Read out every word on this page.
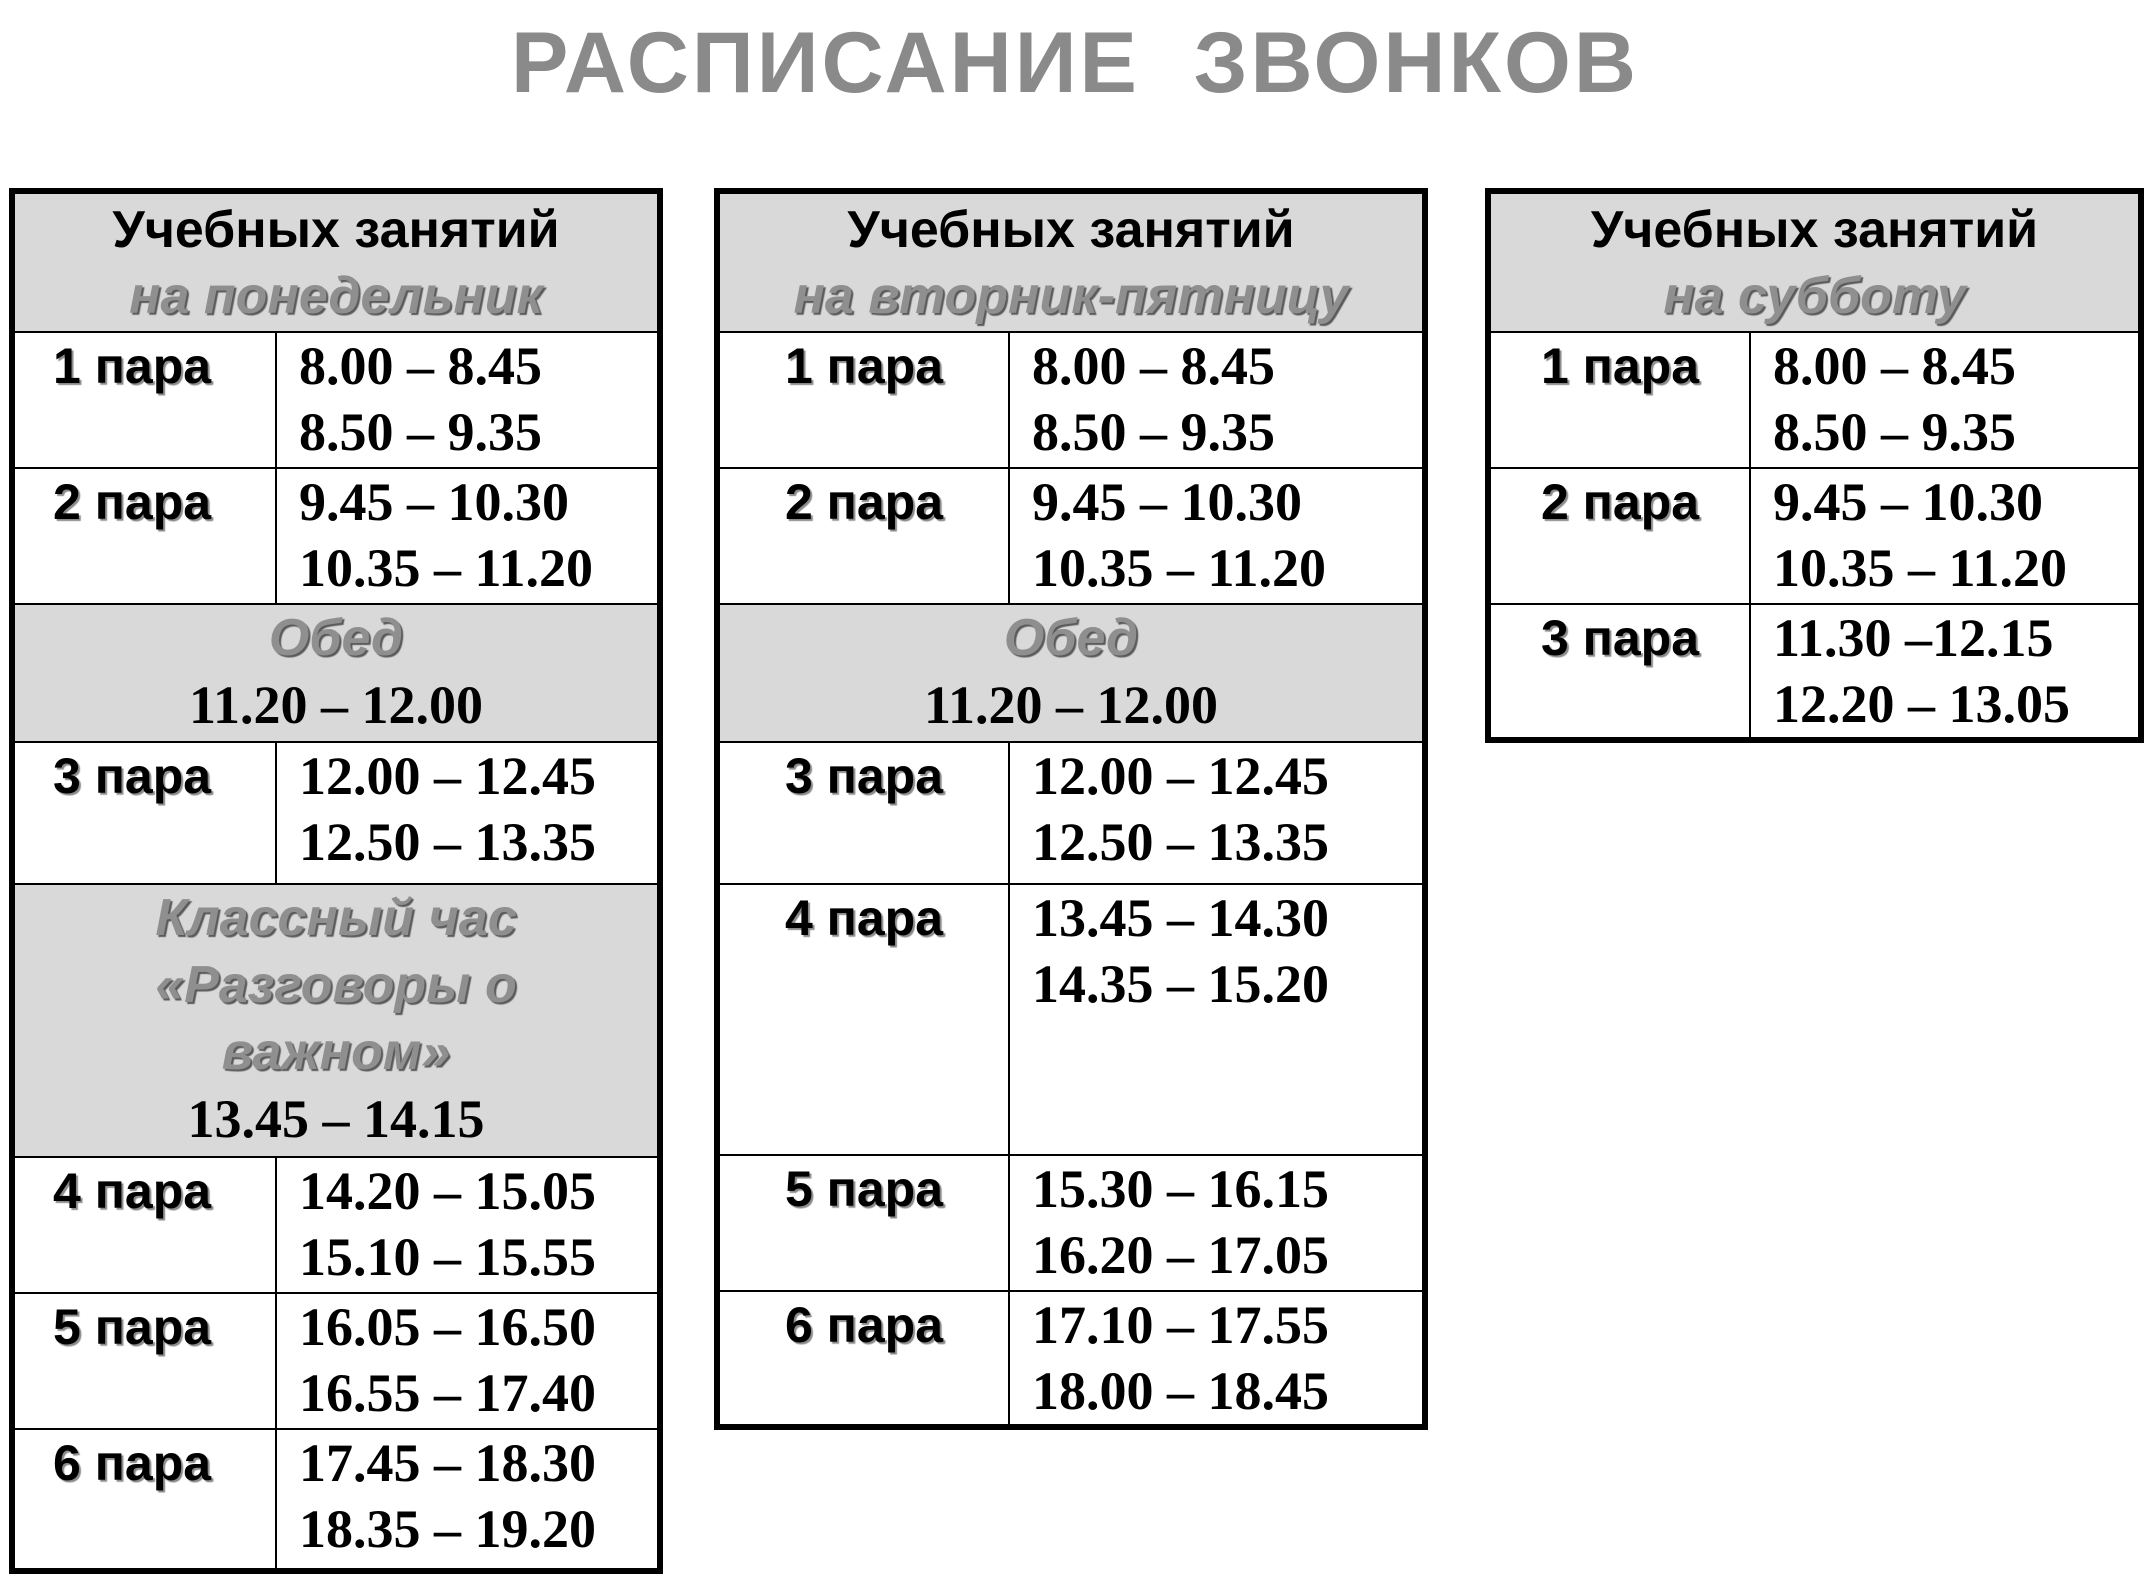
РАСПИСАНИЕ  ЗВОНКОВ
Учебных занятий
на понедельник	

1 пара	8.00 – 8.45
8.50 – 9.35

2 пара	9.45 – 10.30
10.35 – 11.20

Обед
11.20 – 12.00	

3 пара	12.00 – 12.45
12.50 – 13.35

Классный час
«Разговоры о
важном»
13.45 – 14.15	

4 пара	14.20 – 15.05
15.10 – 15.55

5 пара	16.05 – 16.50
16.55 – 17.40

6 пара	17.45 – 18.30
18.35 – 19.20
Учебных занятий
на вторник-пятницу	

1 пара	8.00 – 8.45
8.50 – 9.35

2 пара	9.45 – 10.30
10.35 – 11.20

Обед
11.20 – 12.00	

3 пара	12.00 – 12.45
12.50 – 13.35

4 пара	13.45 – 14.30
14.35 – 15.20

5 пара	15.30 – 16.15
16.20 – 17.05

6 пара	17.10 – 17.55
18.00 – 18.45
Учебных занятий
на субботу	

1 пара	8.00 – 8.45
8.50 – 9.35

2 пара	9.45 – 10.30
10.35 – 11.20

3 пара	11.30 –12.15
12.20 – 13.05
